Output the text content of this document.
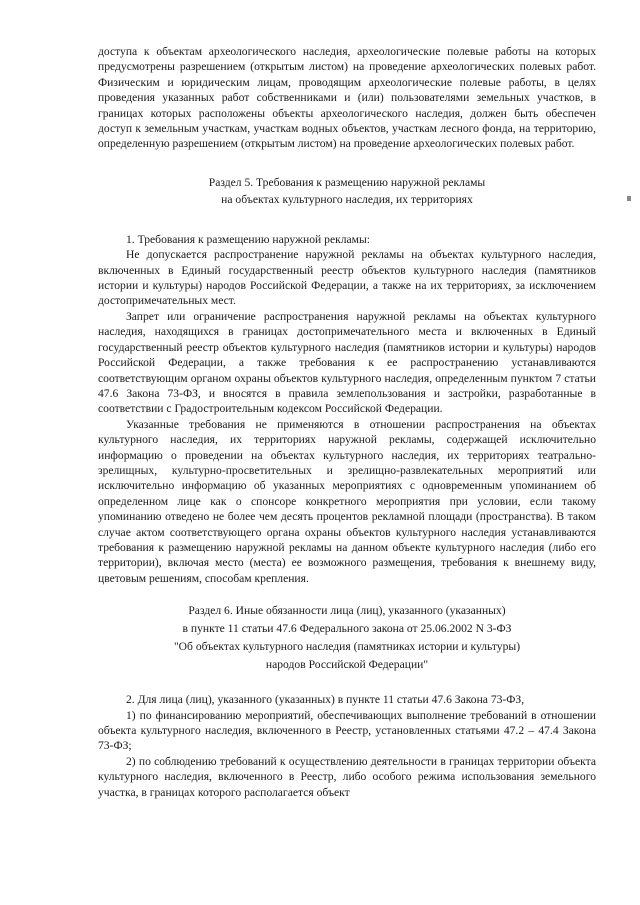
доступа к объектам археологического наследия, археологические полевые работы на которых предусмотрены разрешением (открытым листом) на проведение археологических полевых работ. Физическим и юридическим лицам, проводящим археологические полевые работы, в целях проведения указанных работ собственниками и (или) пользователями земельных участков, в границах которых расположены объекты археологического наследия, должен быть обеспечен доступ к земельным участкам, участкам водных объектов, участкам лесного фонда, на территорию, определенную разрешением (открытым листом) на проведение археологических полевых работ.

Раздел 5. Требования к размещению наружной рекламы
на объектах культурного наследия, их территориях

1. Требования к размещению наружной рекламы:

Не допускается распространение наружной рекламы на объектах культурного наследия, включенных в Единый государственный реестр объектов культурного наследия (памятников истории и культуры) народов Российской Федерации, а также на их территориях, за исключением достопримечательных мест.

Запрет или ограничение распространения наружной рекламы на объектах культурного наследия, находящихся в границах достопримечательного места и включенных в Единый государственный реестр объектов культурного наследия (памятников истории и культуры) народов Российской Федерации, а также требования к ее распространению устанавливаются соответствующим органом охраны объектов культурного наследия, определенным пунктом 7 статьи 47.6 Закона 73-ФЗ, и вносятся в правила землепользования и застройки, разработанные в соответствии с Градостроительным кодексом Российской Федерации.

Указанные требования не применяются в отношении распространения на объектах культурного наследия, их территориях наружной рекламы, содержащей исключительно информацию о проведении на объектах культурного наследия, их территориях театрально-зрелищных, культурно-просветительных и зрелищно-развлекательных мероприятий или исключительно информацию об указанных мероприятиях с одновременным упоминанием об определенном лице как о спонсоре конкретного мероприятия при условии, если такому упоминанию отведено не более чем десять процентов рекламной площади (пространства). В таком случае актом соответствующего органа охраны объектов культурного наследия устанавливаются требования к размещению наружной рекламы на данном объекте культурного наследия (либо его территории), включая место (места) ее возможного размещения, требования к внешнему виду, цветовым решениям, способам крепления.

Раздел 6. Иные обязанности лица (лиц), указанного (указанных)
в пункте 11 статьи 47.6 Федерального закона от 25.06.2002 N 3-ФЗ
"Об объектах культурного наследия (памятниках истории и культуры)
народов Российской Федерации"

2. Для лица (лиц), указанного (указанных) в пункте 11 статьи 47.6 Закона 73-ФЗ,

1) по финансированию мероприятий, обеспечивающих выполнение требований в отношении объекта культурного наследия, включенного в Реестр, установленных статьями 47.2 – 47.4 Закона 73-ФЗ;

2) по соблюдению требований к осуществлению деятельности в границах территории объекта культурного наследия, включенного в Реестр, либо особого режима использования земельного участка, в границах которого располагается объект
